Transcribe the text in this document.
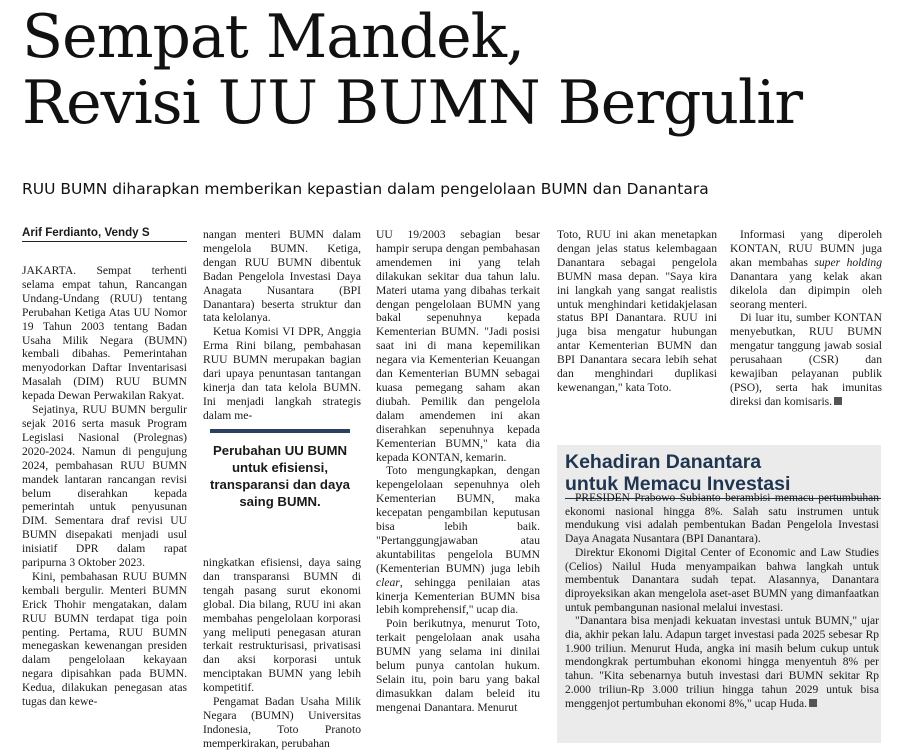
Sempat Mandek,
Revisi UU BUMN Bergulir

RUU BUMN diharapkan memberikan kepastian dalam pengelolaan BUMN dan Danantara

Arif Ferdianto, Vendy S

JAKARTA. Sempat terhenti selama empat tahun, Rancangan Undang-Undang (RUU) tentang Perubahan Ketiga Atas UU Nomor 19 Tahun 2003 tentang Badan Usaha Milik Negara (BUMN) kembali dibahas. Pemerintahan menyodorkan Daftar Inventarisasi Masalah (DIM) RUU BUMN kepada Dewan Perwakilan Rakyat.

Sejatinya, RUU BUMN bergulir sejak 2016 serta masuk Program Legislasi Nasional (Prolegnas) 2020-2024. Namun di pengujung 2024, pembahasan RUU BUMN mandek lantaran rancangan revisi belum diserahkan kepada pemerintah untuk penyusunan DIM. Sementara draf revisi UU BUMN disepakati menjadi usul inisiatif DPR dalam rapat paripurna 3 Oktober 2023.

Kini, pembahasan RUU BUMN kembali bergulir. Menteri BUMN Erick Thohir mengatakan, dalam RUU BUMN terdapat tiga poin penting. Pertama, RUU BUMN menegaskan kewenangan presiden dalam pengelolaan kekayaan negara dipisahkan pada BUMN. Kedua, dilakukan penegasan atas tugas dan kewe-

nangan menteri BUMN dalam mengelola BUMN. Ketiga, dengan RUU BUMN dibentuk Badan Pengelola Investasi Daya Anagata Nusantara (BPI Danantara) beserta struktur dan tata kelolanya.

Ketua Komisi VI DPR, Anggia Erma Rini bilang, pembahasan RUU BUMN merupakan bagian dari upaya penuntasan tantangan kinerja dan tata kelola BUMN. Ini menjadi langkah strategis dalam me-

Perubahan UU BUMN untuk efisiensi, transparansi dan daya saing BUMN.

ningkatkan efisiensi, daya saing dan transparansi BUMN di tengah pasang surut ekonomi global. Dia bilang, RUU ini akan membahas pengelolaan korporasi yang meliputi penegasan aturan terkait restrukturisasi, privatisasi dan aksi korporasi untuk menciptakan BUMN yang lebih kompetitif.

Pengamat Badan Usaha Milik Negara (BUMN) Universitas Indonesia, Toto Pranoto memperkirakan, perubahan

UU 19/2003 sebagian besar hampir serupa dengan pembahasan amendemen ini yang telah dilakukan sekitar dua tahun lalu. Materi utama yang dibahas terkait dengan pengelolaan BUMN yang bakal sepenuhnya kepada Kementerian BUMN. "Jadi posisi saat ini di mana kepemilikan negara via Kementerian Keuangan dan Kementerian BUMN sebagai kuasa pemegang saham akan diubah. Pemilik dan pengelola dalam amendemen ini akan diserahkan sepenuhnya kepada Kementerian BUMN," kata dia kepada KONTAN, kemarin.

Toto mengungkapkan, dengan kepengelolaan sepenuhnya oleh Kementerian BUMN, maka kecepatan pengambilan keputusan bisa lebih baik. "Pertanggungjawaban atau akuntabilitas pengelola BUMN (Kementerian BUMN) juga lebih clear, sehingga penilaian atas kinerja Kementerian BUMN bisa lebih komprehensif," ucap dia.

Poin berikutnya, menurut Toto, terkait pengelolaan anak usaha BUMN yang selama ini dinilai belum punya cantolan hukum. Selain itu, poin baru yang bakal dimasukkan dalam beleid itu mengenai Danantara. Menurut

Toto, RUU ini akan menetapkan dengan jelas status kelembagaan Danantara sebagai pengelola BUMN masa depan. "Saya kira ini langkah yang sangat realistis untuk menghindari ketidakjelasan status BPI Danantara. RUU ini juga bisa mengatur hubungan antar Kementerian BUMN dan BPI Danantara secara lebih sehat dan menghindari duplikasi kewenangan," kata Toto.

Informasi yang diperoleh KONTAN, RUU BUMN juga akan membahas super holding Danantara yang kelak akan dikelola dan dipimpin oleh seorang menteri.

Di luar itu, sumber KONTAN menyebutkan, RUU BUMN mengatur tanggung jawab sosial perusahaan (CSR) dan kewajiban pelayanan publik (PSO), serta hak imunitas direksi dan komisaris.

Kehadiran Danantara
untuk Memacu Investasi

PRESIDEN Prabowo Subianto berambisi memacu pertumbuhan ekonomi nasional hingga 8%. Salah satu instrumen untuk mendukung visi adalah pembentukan Badan Pengelola Investasi Daya Anagata Nusantara (BPI Danantara).

Direktur Ekonomi Digital Center of Economic and Law Studies (Celios) Nailul Huda menyampaikan bahwa langkah untuk membentuk Danantara sudah tepat. Alasannya, Danantara diproyeksikan akan mengelola aset-aset BUMN yang dimanfaatkan untuk pembangunan nasional melalui investasi.

"Danantara bisa menjadi kekuatan investasi untuk BUMN," ujar dia, akhir pekan lalu. Adapun target investasi pada 2025 sebesar Rp 1.900 triliun. Menurut Huda, angka ini masih belum cukup untuk mendongkrak pertumbuhan ekonomi hingga menyentuh 8% per tahun. "Kita sebenarnya butuh investasi dari BUMN sekitar Rp 2.000 triliun-Rp 3.000 triliun hingga tahun 2029 untuk bisa menggenjot pertumbuhan ekonomi 8%," ucap Huda.
